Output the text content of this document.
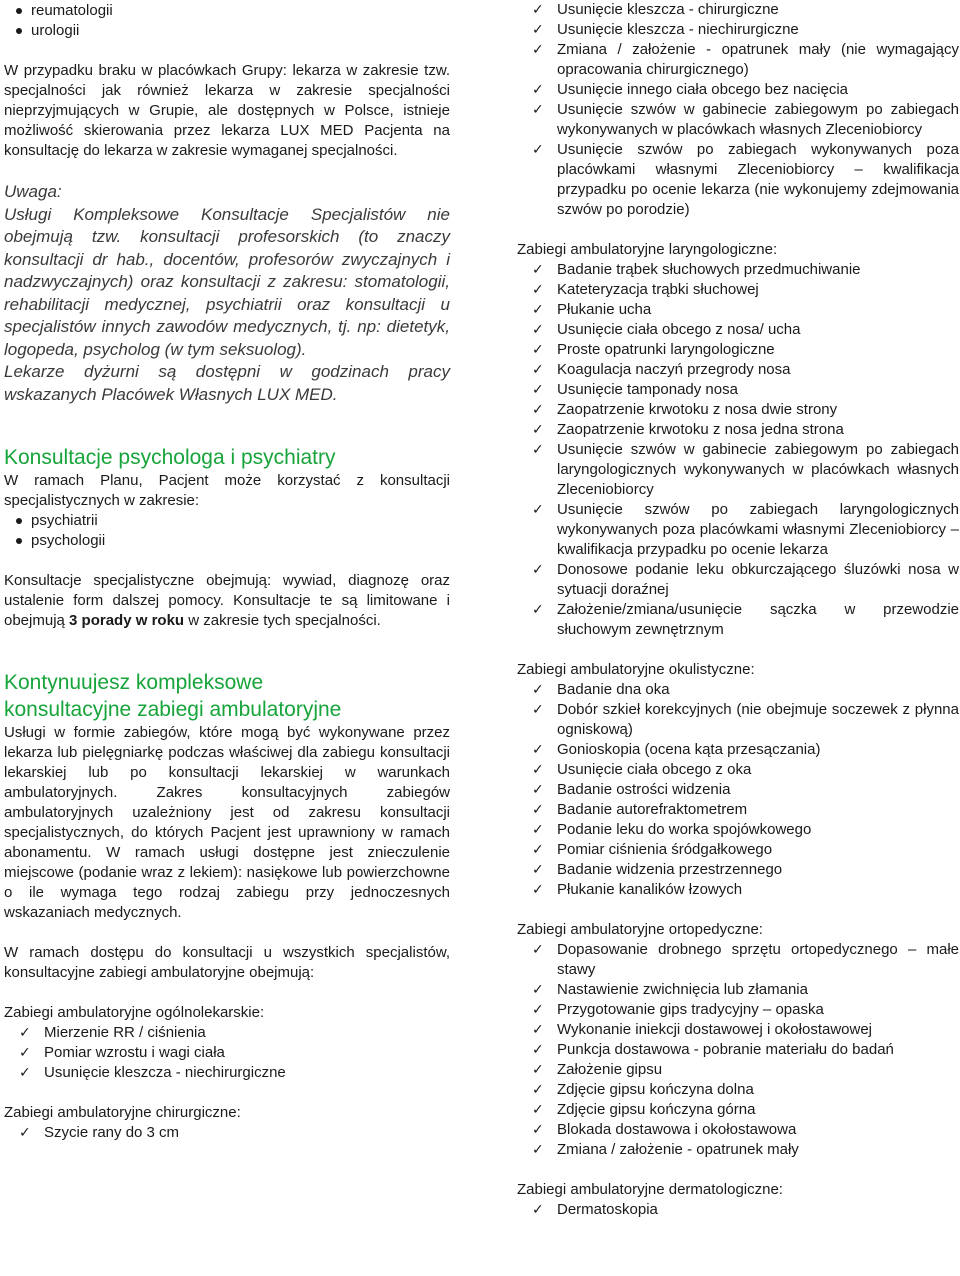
reumatologii
urologii

W przypadku braku w placówkach Grupy: lekarza w zakresie tzw. specjalności jak również lekarza w zakresie specjalności nieprzyjmujących w Grupie, ale dostępnych w Polsce, istnieje możliwość skierowania przez lekarza LUX MED Pacjenta na konsultację do lekarza w zakresie wymaganej specjalności.

Uwaga:
Usługi Kompleksowe Konsultacje Specjalistów nie obejmują tzw. konsultacji profesorskich (to znaczy konsultacji dr hab., docentów, profesorów zwyczajnych i nadzwyczajnych) oraz konsultacji z zakresu: stomatologii, rehabilitacji medycznej, psychiatrii oraz konsultacji u specjalistów innych zawodów medycznych, tj. np: dietetyk, logopeda, psycholog (w tym seksuolog).
Lekarze dyżurni są dostępni w godzinach pracy wskazanych Placówek Własnych LUX MED.
Konsultacje psychologa i psychiatry

W ramach Planu, Pacjent może korzystać z konsultacji specjalistycznych w zakresie:

psychiatrii
psychologii

Konsultacje specjalistyczne obejmują: wywiad, diagnozę oraz ustalenie form dalszej pomocy. Konsultacje te są limitowane i obejmują 3 porady w roku w zakresie tych specjalności.

Kontynuujesz kompleksowe
konsultacyjne zabiegi ambulatoryjne

Usługi w formie zabiegów, które mogą być wykonywane przez lekarza lub pielęgniarkę podczas właściwej dla zabiegu konsultacji lekarskiej lub po konsultacji lekarskiej w warunkach ambulatoryjnych. Zakres konsultacyjnych zabiegów ambulatoryjnych uzależniony jest od zakresu konsultacji specjalistycznych, do których Pacjent jest uprawniony w ramach abonamentu. W ramach usługi dostępne jest znieczulenie miejscowe (podanie wraz z lekiem): nasiękowe lub powierzchowne o ile wymaga tego rodzaj zabiegu przy jednoczesnych wskazaniach medycznych.

W ramach dostępu do konsultacji u wszystkich specjalistów, konsultacyjne zabiegi ambulatoryjne obejmują:

Zabiegi ambulatoryjne ogólnolekarskie:

✓ Mierzenie RR / ciśnienia
✓ Pomiar wzrostu i wagi ciała
✓ Usunięcie kleszcza - niechirurgiczne

Zabiegi ambulatoryjne chirurgiczne:

✓ Szycie rany do 3 cm
✓ Usunięcie kleszcza - chirurgiczne
✓ Usunięcie kleszcza - niechirurgiczne
✓ Zmiana / założenie - opatrunek mały (nie wymagający opracowania chirurgicznego)
✓ Usunięcie innego ciała obcego bez nacięcia
✓ Usunięcie szwów w gabinecie zabiegowym po zabiegach wykonywanych w placówkach własnych Zleceniobiorcy
✓ Usunięcie szwów po zabiegach wykonywanych poza placówkami własnymi Zleceniobiorcy – kwalifikacja przypadku po ocenie lekarza (nie wykonujemy zdejmowania szwów po porodzie)

Zabiegi ambulatoryjne laryngologiczne:

✓ Badanie trąbek słuchowych przedmuchiwanie
✓ Kateteryzacja trąbki słuchowej
✓ Płukanie ucha
✓ Usunięcie ciała obcego z nosa/ ucha
✓ Proste opatrunki laryngologiczne
✓ Koagulacja naczyń przegrody nosa
✓ Usunięcie tamponady nosa
✓ Zaopatrzenie krwotoku z nosa dwie strony
✓ Zaopatrzenie krwotoku z nosa jedna strona
✓ Usunięcie szwów w gabinecie zabiegowym po zabiegach laryngologicznych wykonywanych w placówkach własnych Zleceniobiorcy
✓ Usunięcie szwów po zabiegach laryngologicznych wykonywanych poza placówkami własnymi Zleceniobiorcy – kwalifikacja przypadku po ocenie lekarza
✓ Donosowe podanie leku obkurczającego śluzówki nosa w sytuacji doraźnej
✓ Założenie/zmiana/usunięcie sączka w przewodzie słuchowym zewnętrznym

Zabiegi ambulatoryjne okulistyczne:

✓ Badanie dna oka
✓ Dobór szkieł korekcyjnych (nie obejmuje soczewek z płynna ogniskową)
✓ Gonioskopia (ocena kąta przesączania)
✓ Usunięcie ciała obcego z oka
✓ Badanie ostrości widzenia
✓ Badanie autorefraktometrem
✓ Podanie leku do worka spojówkowego
✓ Pomiar ciśnienia śródgałkowego
✓ Badanie widzenia przestrzennego
✓ Płukanie kanalików łzowych

Zabiegi ambulatoryjne ortopedyczne:

✓ Dopasowanie drobnego sprzętu ortopedycznego – małe stawy
✓ Nastawienie zwichnięcia lub złamania
✓ Przygotowanie gips tradycyjny – opaska
✓ Wykonanie iniekcji dostawowej i okołostawowej
✓ Punkcja dostawowa - pobranie materiału do badań
✓ Założenie gipsu
✓ Zdjęcie gipsu kończyna dolna
✓ Zdjęcie gipsu kończyna górna
✓ Blokada dostawowa i okołostawowa
✓ Zmiana / założenie - opatrunek mały

Zabiegi ambulatoryjne dermatologiczne:

✓ Dermatoskopia
